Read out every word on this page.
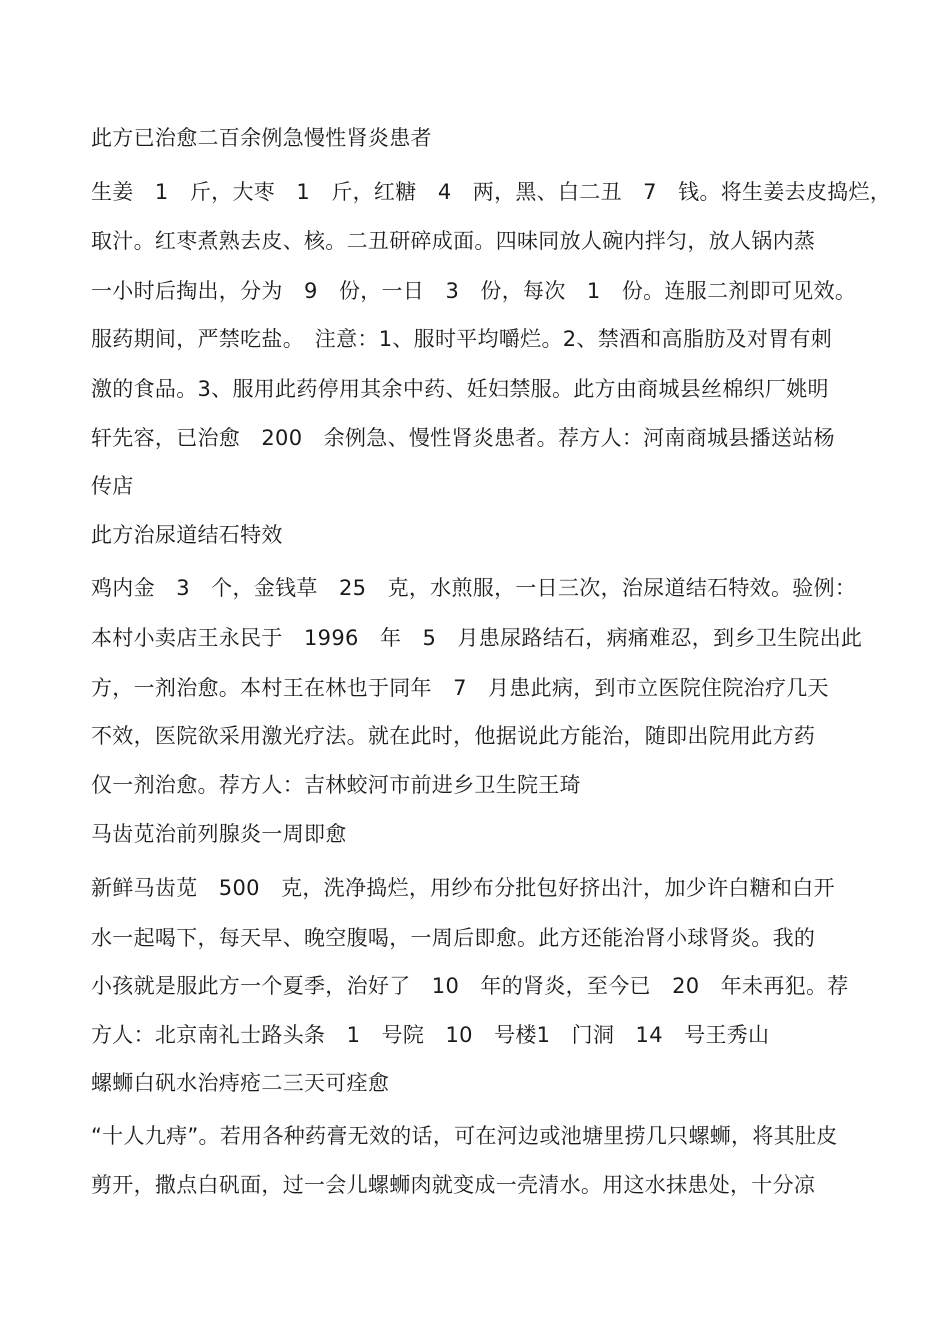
此方已治愈二百余例急慢性肾炎患者
生姜　1　斤，大枣　1　斤，红糖　4　两，黑、白二丑　7　钱。将生姜去皮捣烂，
取汁。红枣煮熟去皮、核。二丑研碎成面。四味同放人碗内拌匀，放人锅内蒸
一小时后掏出，分为　9　份，一日　3　份，每次　1　份。连服二剂即可见效。
服药期间，严禁吃盐。　注意：1、服时平均嚼烂。2、禁酒和高脂肪及对胃有刺
激的食品。3、服用此药停用其余中药、妊妇禁服。此方由商城县丝棉织厂姚明
轩先容，已治愈　200　余例急、慢性肾炎患者。荐方人：河南商城县播送站杨
传店
此方治尿道结石特效
鸡内金　3　个，金钱草　25　克，水煎服，一日三次，治尿道结石特效。验例：
本村小卖店王永民于　1996　年　5　月患尿路结石，病痛难忍，到乡卫生院出此
方，一剂治愈。本村王在林也于同年　7　月患此病，到市立医院住院治疗几天
不效，医院欲采用激光疗法。就在此时，他据说此方能治，随即出院用此方药
仅一剂治愈。荐方人：吉林蛟河市前进乡卫生院王琦
马齿苋治前列腺炎一周即愈
新鲜马齿苋　500　克，洗净捣烂，用纱布分批包好挤出汁，加少许白糖和白开
水一起喝下，每天早、晚空腹喝，一周后即愈。此方还能治肾小球肾炎。我的
小孩就是服此方一个夏季，治好了　10　年的肾炎，至今已　20　年未再犯。荐
方人：北京南礼士路头条　1　号院　10　号楼1　门洞　14　号王秀山
螺蛳白矾水治痔疮二三天可痊愈
“十人九痔”。若用各种药膏无效的话，可在河边或池塘里捞几只螺蛳，将其肚皮
剪开，撒点白矾面，过一会儿螺蛳肉就变成一壳清水。用这水抹患处，十分凉
